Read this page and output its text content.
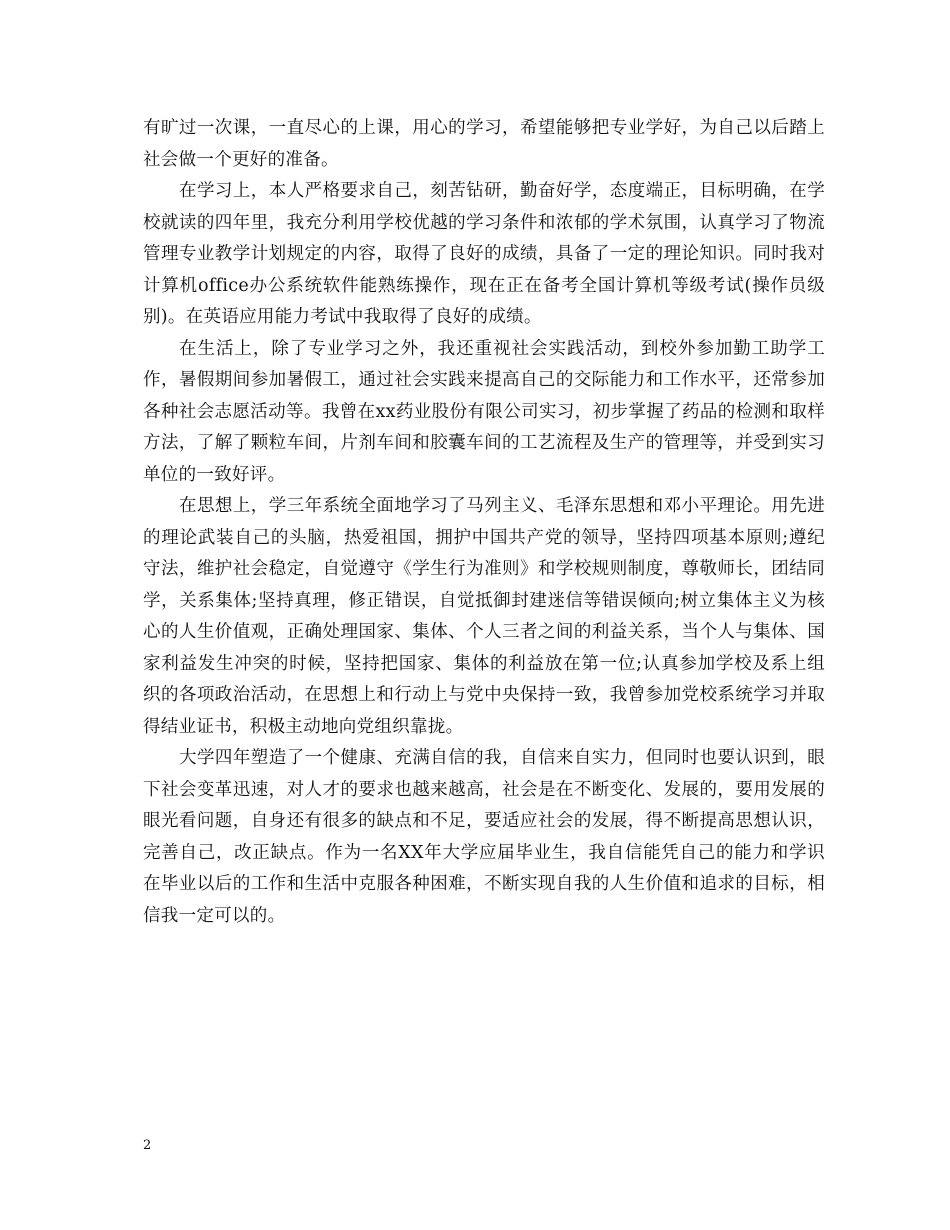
有旷过一次课，一直尽心的上课，用心的学习，希望能够把专业学好，为自己以后踏上社会做一个更好的准备。

在学习上，本人严格要求自己，刻苦钻研，勤奋好学，态度端正，目标明确，在学校就读的四年里，我充分利用学校优越的学习条件和浓郁的学术氛围，认真学习了物流管理专业教学计划规定的内容，取得了良好的成绩，具备了一定的理论知识。同时我对计算机office办公系统软件能熟练操作，现在正在备考全国计算机等级考试(操作员级别)。在英语应用能力考试中我取得了良好的成绩。

在生活上，除了专业学习之外，我还重视社会实践活动，到校外参加勤工助学工作，暑假期间参加暑假工，通过社会实践来提高自己的交际能力和工作水平，还常参加各种社会志愿活动等。我曾在xx药业股份有限公司实习，初步掌握了药品的检测和取样方法，了解了颗粒车间，片剂车间和胶囊车间的工艺流程及生产的管理等，并受到实习单位的一致好评。

在思想上，学三年系统全面地学习了马列主义、毛泽东思想和邓小平理论。用先进的理论武装自己的头脑，热爱祖国，拥护中国共产党的领导，坚持四项基本原则;遵纪守法，维护社会稳定，自觉遵守《学生行为准则》和学校规则制度，尊敬师长，团结同学，关系集体;坚持真理，修正错误，自觉抵御封建迷信等错误倾向;树立集体主义为核心的人生价值观，正确处理国家、集体、个人三者之间的利益关系，当个人与集体、国家利益发生冲突的时候，坚持把国家、集体的利益放在第一位;认真参加学校及系上组织的各项政治活动，在思想上和行动上与党中央保持一致，我曾参加党校系统学习并取得结业证书，积极主动地向党组织靠拢。

大学四年塑造了一个健康、充满自信的我，自信来自实力，但同时也要认识到，眼下社会变革迅速，对人才的要求也越来越高，社会是在不断变化、发展的，要用发展的眼光看问题，自身还有很多的缺点和不足，要适应社会的发展，得不断提高思想认识，完善自己，改正缺点。作为一名XX年大学应届毕业生，我自信能凭自己的能力和学识在毕业以后的工作和生活中克服各种困难，不断实现自我的人生价值和追求的目标，相信我一定可以的。

2
